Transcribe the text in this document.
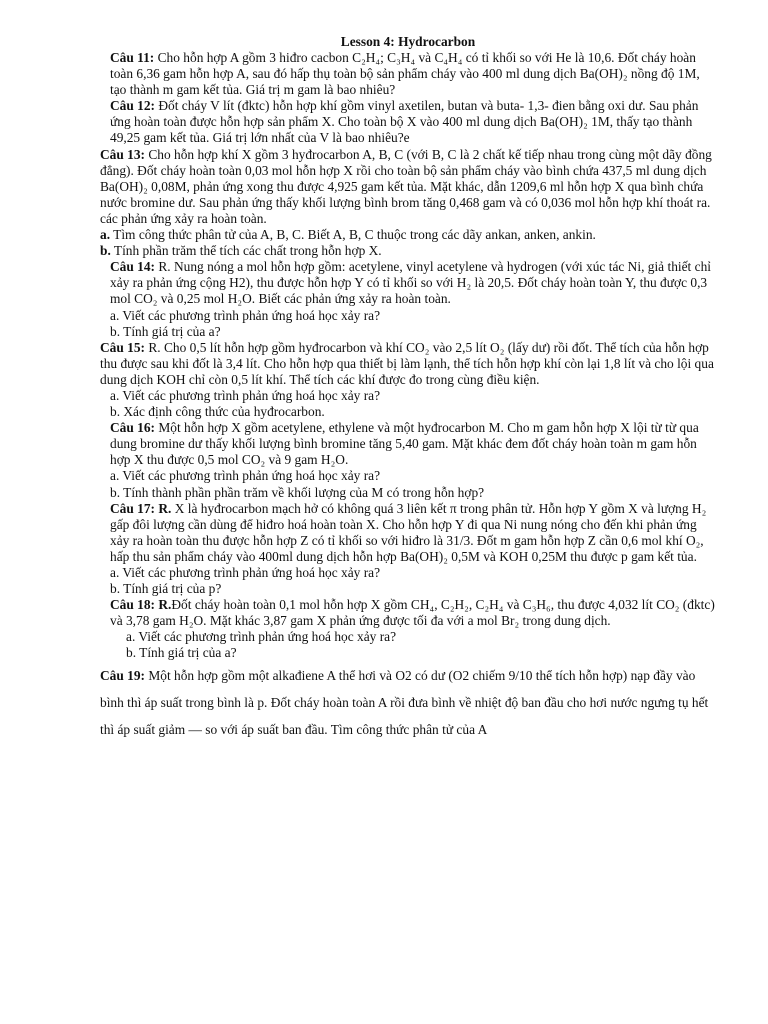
Lesson 4: Hydrocarbon

Câu 11: Cho hỗn hợp A gồm 3 hiđro cacbon C₂H₄; C₃H₄ và C₄H₄ có tỉ khối so với He là 10,6. Đốt cháy hoàn toàn 6,36 gam hỗn hợp A, sau đó hấp thụ toàn bộ sản phẩm cháy vào 400 ml dung dịch Ba(OH)₂ nồng độ 1M, tạo thành m gam kết tủa. Giá trị m gam là bao nhiêu?

Câu 12: Đốt cháy V lít (đktc) hỗn hợp khí gồm vinyl axetilen, butan và buta- 1,3- đien bằng oxi dư. Sau phản ứng hoàn toàn được hỗn hợp sản phẩm X. Cho toàn bộ X vào 400 ml dung dịch Ba(OH)₂ 1M, thấy tạo thành 49,25 gam kết tủa. Giá trị lớn nhất của V là bao nhiêu?e

Câu 13: Cho hỗn hợp khí X gồm 3 hyđrocarbon A, B, C (với B, C là 2 chất kế tiếp nhau trong cùng một dãy đồng đẳng). Đốt cháy hoàn toàn 0,03 mol hỗn hợp X rồi cho toàn bộ sản phẩm cháy vào bình chứa 437,5 ml dung dịch Ba(OH)₂ 0,08M, phản ứng xong thu được 4,925 gam kết tủa. Mặt khác, dẫn 1209,6 ml hỗn hợp X qua bình chứa nước bromine dư. Sau phản ứng thấy khối lượng bình brom tăng 0,468 gam và có 0,036 mol hỗn hợp khí thoát ra. các phản ứng xảy ra hoàn toàn.

a. Tìm công thức phân tử của A, B, C. Biết A, B, C thuộc trong các dãy ankan, anken, ankin.

b. Tính phần trăm thể tích các chất trong hỗn hợp X.

Câu 14: R. Nung nóng a mol hỗn hợp gồm: acetylene, vinyl acetylene và hydrogen (với xúc tác Ni, giả thiết chỉ xảy ra phản ứng cộng H2), thu được hỗn hợp Y có tỉ khối so với H₂ là 20,5. Đốt cháy hoàn toàn Y, thu được 0,3 mol CO₂ và 0,25 mol H₂O. Biết các phản ứng xảy ra hoàn toàn.

a. Viết các phương trình phản ứng hoá học xảy ra?

b. Tính giá trị của a?

Câu 15: R. Cho 0,5 lít hỗn hợp gồm hyđrocarbon và khí CO₂ vào 2,5 lít O₂ (lấy dư) rồi đốt. Thể tích của hỗn hợp thu được sau khi đốt là 3,4 lít. Cho hỗn hợp qua thiết bị làm lạnh, thể tích hỗn hợp khí còn lại 1,8 lít và cho lội qua dung dịch KOH chỉ còn 0,5 lít khí. Thể tích các khí được đo trong cùng điều kiện.

a. Viết các phương trình phản ứng hoá học xảy ra?

b. Xác định công thức của hyđrocarbon.

Câu 16: Một hỗn hợp X gồm acetylene, ethylene và một hyđrocarbon M. Cho m gam hỗn hợp X lội từ từ qua dung bromine dư thấy khối lượng bình bromine tăng 5,40 gam. Mặt khác đem đốt cháy hoàn toàn m gam hỗn hợp X thu được 0,5 mol CO₂ và 9 gam H₂O.

a. Viết các phương trình phản ứng hoá học xảy ra?

b. Tính thành phần phần trăm về khối lượng của M có trong hỗn hợp?

Câu 17: R. X là hyđrocarbon mạch hở có không quá 3 liên kết π trong phân tử. Hỗn hợp Y gồm X và lượng H₂ gấp đôi lượng cần dùng để hiđro hoá hoàn toàn X. Cho hỗn hợp Y đi qua Ni nung nóng cho đến khi phản ứng xảy ra hoàn toàn thu được hỗn hợp Z có tỉ khối so với hiđro là 31/3. Đốt m gam hỗn hợp Z cần 0,6 mol khí O₂, hấp thu sản phẩm cháy vào 400ml dung dịch hỗn hợp Ba(OH)₂ 0,5M và KOH 0,25M thu được p gam kết tủa.

a. Viết các phương trình phản ứng hoá học xảy ra?

b. Tính giá trị của p?

Câu 18: R.Đốt cháy hoàn toàn 0,1 mol hỗn hợp X gồm CH₄, C₂H₂, C₂H₄ và C₃H₆, thu được 4,032 lít CO₂ (đktc) và 3,78 gam H₂O. Mặt khác 3,87 gam X phản ứng được tối đa với a mol Br₂ trong dung dịch.

a. Viết các phương trình phản ứng hoá học xảy ra?

b. Tính giá trị của a?

Câu 19: Một hỗn hợp gồm một alkađiene A thể hơi và O2 có dư (O2 chiếm 9/10 thể tích hỗn hợp) nạp đầy vào bình thì áp suất trong bình là p. Đốt cháy hoàn toàn A rồi đưa bình về nhiệt độ ban đầu cho hơi nước ngưng tụ hết thì áp suất giảm — so với áp suất ban đầu. Tìm công thức phân tử của A
